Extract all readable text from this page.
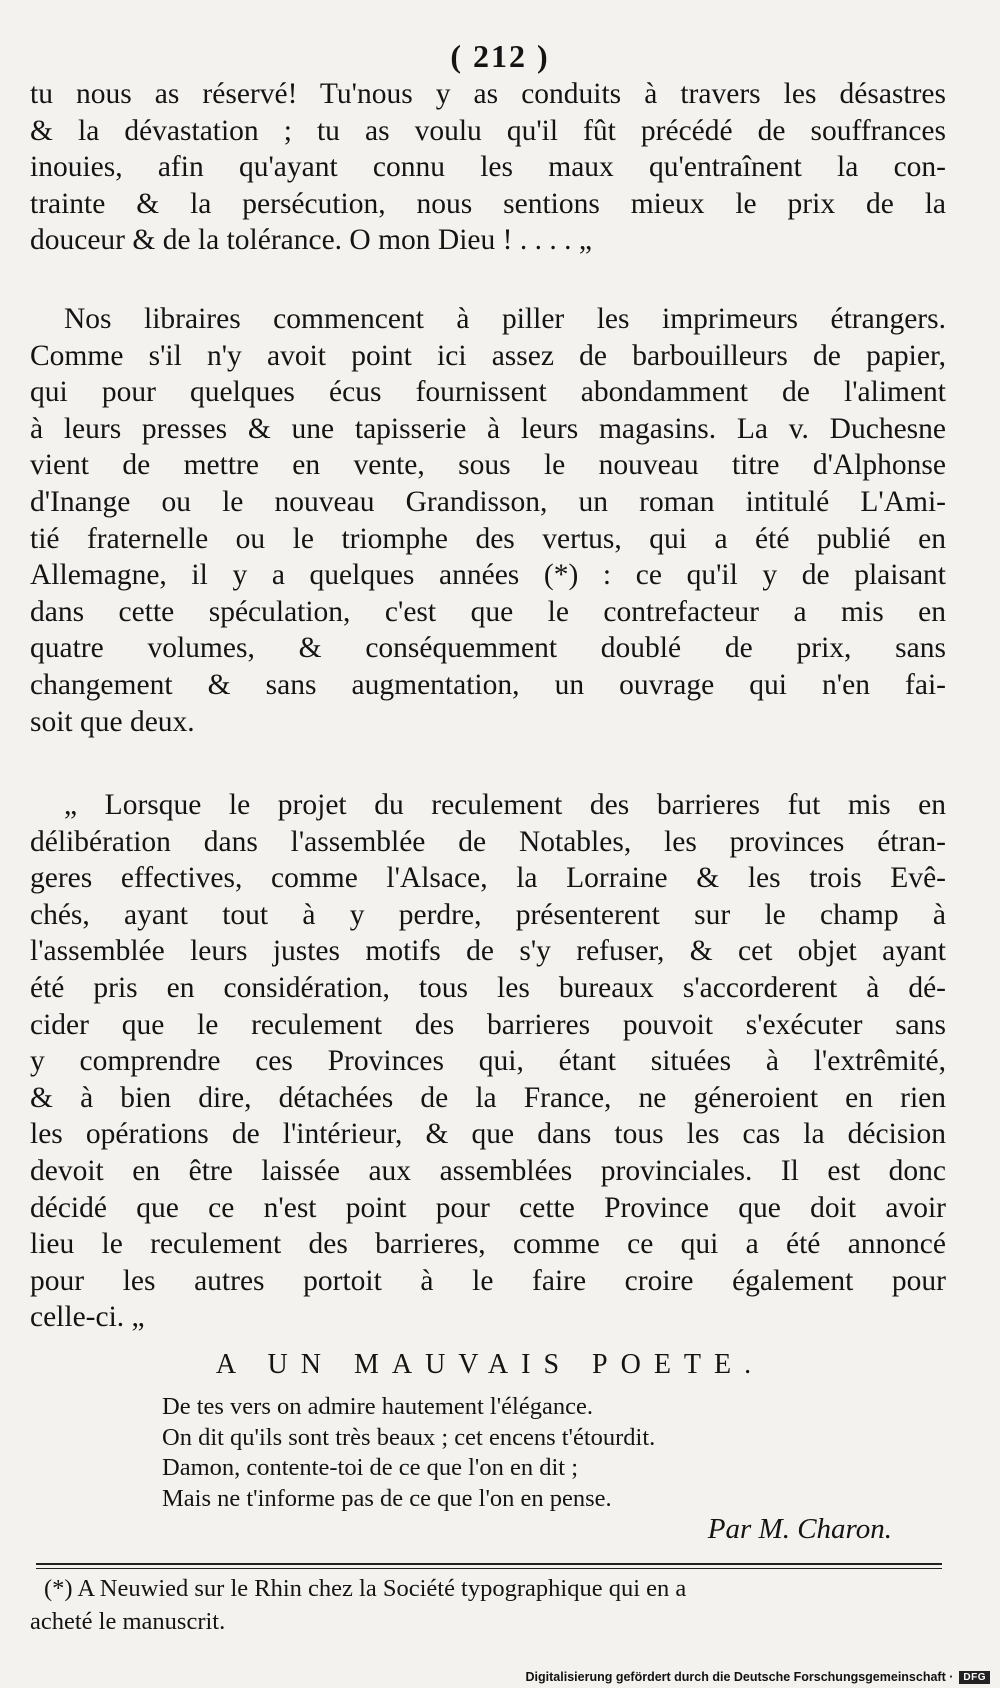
( 212 )
tu nous as réservé! Tu'nous y as conduits à travers les désastres
& la dévastation ; tu as voulu qu'il fût précédé de souffrances
inouies, afin qu'ayant connu les maux qu'entraînent la con-
trainte & la persécution, nous sentions mieux le prix de la
douceur & de la tolérance. O mon Dieu ! . . . . „
Nos libraires commencent à piller les imprimeurs étrangers.
Comme s'il n'y avoit point ici assez de barbouilleurs de papier,
qui pour quelques écus fournissent abondamment de l'aliment
à leurs presses & une tapisserie à leurs magasins. La v. Duchesne
vient de mettre en vente, sous le nouveau titre d'Alphonse
d'Inange ou le nouveau Grandisson, un roman intitulé L'Ami-
tié fraternelle ou le triomphe des vertus, qui a été publié en
Allemagne, il y a quelques années (*) : ce qu'il y de plaisant
dans cette spéculation, c'est que le contrefacteur a mis en
quatre volumes, & conséquemment doublé de prix, sans
changement & sans augmentation, un ouvrage qui n'en fai-
soit que deux.
„ Lorsque le projet du reculement des barrieres fut mis en
délibération dans l'assemblée de Notables, les provinces étran-
geres effectives, comme l'Alsace, la Lorraine & les trois Evê-
chés, ayant tout à y perdre, présenterent sur le champ à
l'assemblée leurs justes motifs de s'y refuser, & cet objet ayant
été pris en considération, tous les bureaux s'accorderent à dé-
cider que le reculement des barrieres pouvoit s'exécuter sans
y comprendre ces Provinces qui, étant situées à l'extrêmité,
& à bien dire, détachées de la France, ne géneroient en rien
les opérations de l'intérieur, & que dans tous les cas la décision
devoit en être laissée aux assemblées provinciales. Il est donc
décidé que ce n'est point pour cette Province que doit avoir
lieu le reculement des barrieres, comme ce qui a été annoncé
pour les autres portoit à le faire croire également pour
celle-ci. „
A UN MAUVAIS POETE.
De tes vers on admire hautement l'élégance.
On dit qu'ils sont très beaux ; cet encens t'étourdit.
Damon, contente-toi de ce que l'on en dit ;
Mais ne t'informe pas de ce que l'on en pense.
Par M. Charon.
(*) A Neuwied sur le Rhin chez la Société typographique qui en a
acheté le manuscrit.
Digitalisierung gefördert durch die Deutsche Forschungsgemeinschaft ·	DFG
